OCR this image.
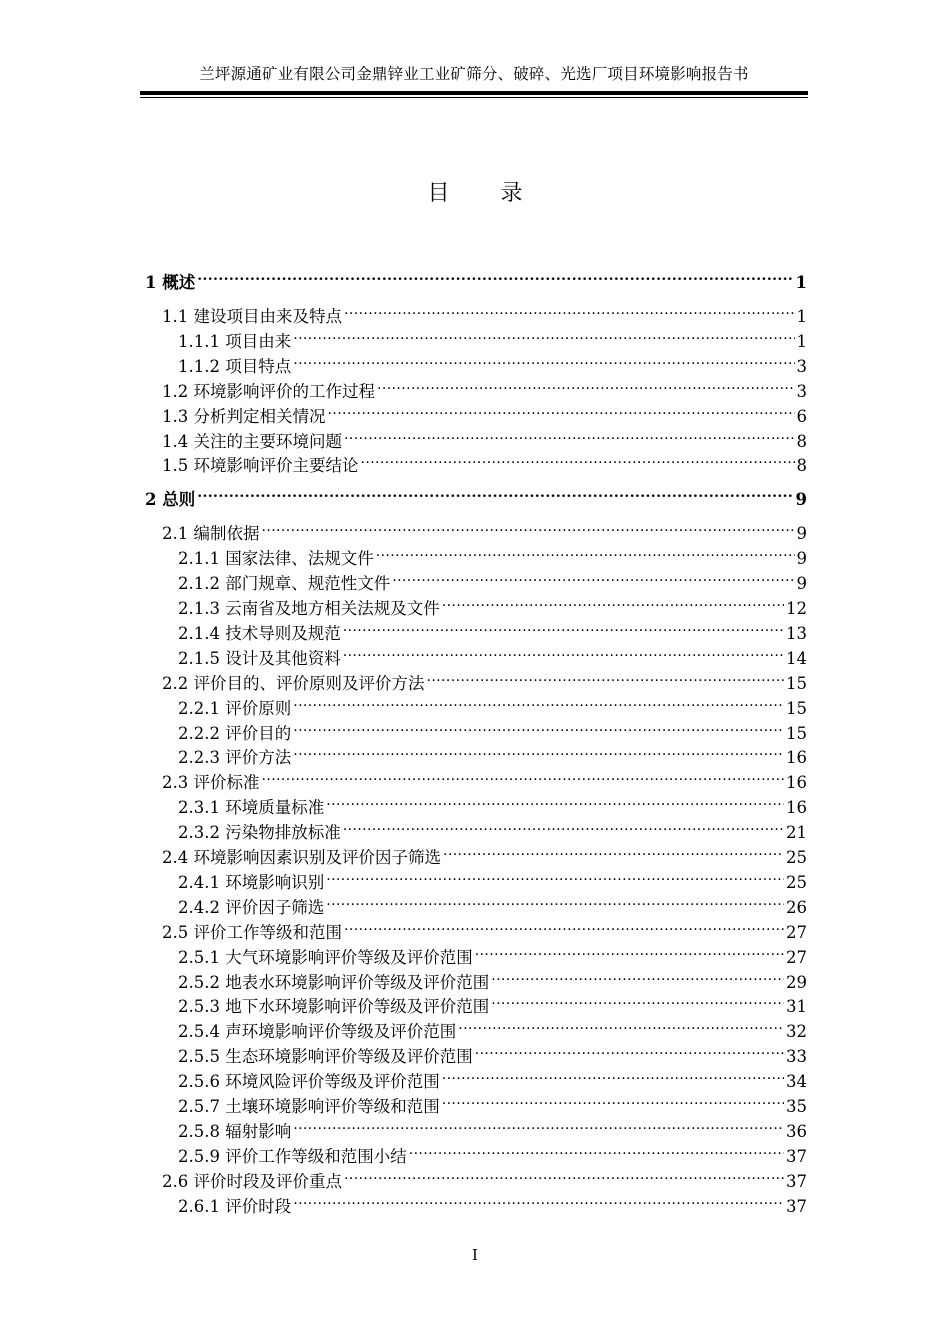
兰坪源通矿业有限公司金鼎锌业工业矿筛分、破碎、光选厂项目环境影响报告书
目 录
1 概述 .....	1
1.1 建设项目由来及特点 .....	1
1.1.1 项目由来 .....	1
1.1.2 项目特点 .....	3
1.2 环境影响评价的工作过程 .....	3
1.3 分析判定相关情况 .....	6
1.4 关注的主要环境问题 .....	8
1.5 环境影响评价主要结论 .....	8
2 总则 .....	9
2.1 编制依据 .....	9
2.1.1 国家法律、法规文件 .....	9
2.1.2 部门规章、规范性文件 .....	9
2.1.3 云南省及地方相关法规及文件 .....	12
2.1.4 技术导则及规范 .....	13
2.1.5 设计及其他资料 .....	14
2.2 评价目的、评价原则及评价方法 .....	15
2.2.1 评价原则 .....	15
2.2.2 评价目的 .....	15
2.2.3 评价方法 .....	16
2.3 评价标准 .....	16
2.3.1 环境质量标准 .....	16
2.3.2 污染物排放标准 .....	21
2.4 环境影响因素识别及评价因子筛选 .....	25
2.4.1 环境影响识别 .....	25
2.4.2 评价因子筛选 .....	26
2.5 评价工作等级和范围 .....	27
2.5.1 大气环境影响评价等级及评价范围 .....	27
2.5.2 地表水环境影响评价等级及评价范围 .....	29
2.5.3 地下水环境影响评价等级及评价范围 .....	31
2.5.4 声环境影响评价等级及评价范围 .....	32
2.5.5 生态环境影响评价等级及评价范围 .....	33
2.5.6 环境风险评价等级及评价范围 .....	34
2.5.7 土壤环境影响评价等级和范围 .....	35
2.5.8 辐射影响 .....	36
2.5.9 评价工作等级和范围小结 .....	37
2.6 评价时段及评价重点 .....	37
2.6.1 评价时段 .....	37
I
